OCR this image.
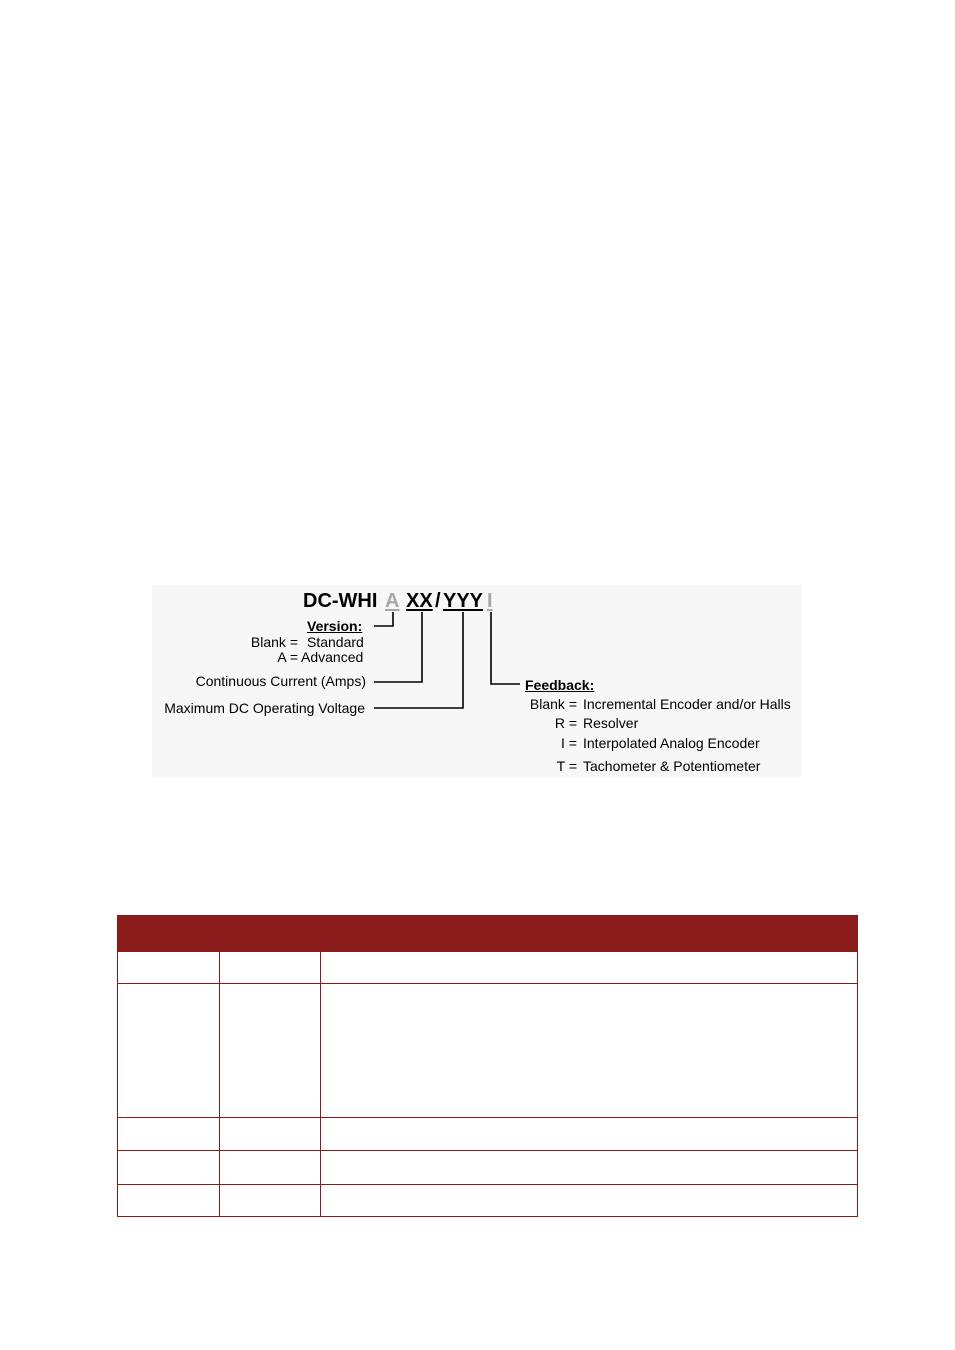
DC-WHI A XX / YYY I
Version:
Blank = Standard
A = Advanced
Continuous Current (Amps)
Maximum DC Operating Voltage
Feedback:
Blank = Incremental Encoder and/or Halls
R = Resolver
I = Interpolated Analog Encoder
T = Tachometer & Potentiometer
